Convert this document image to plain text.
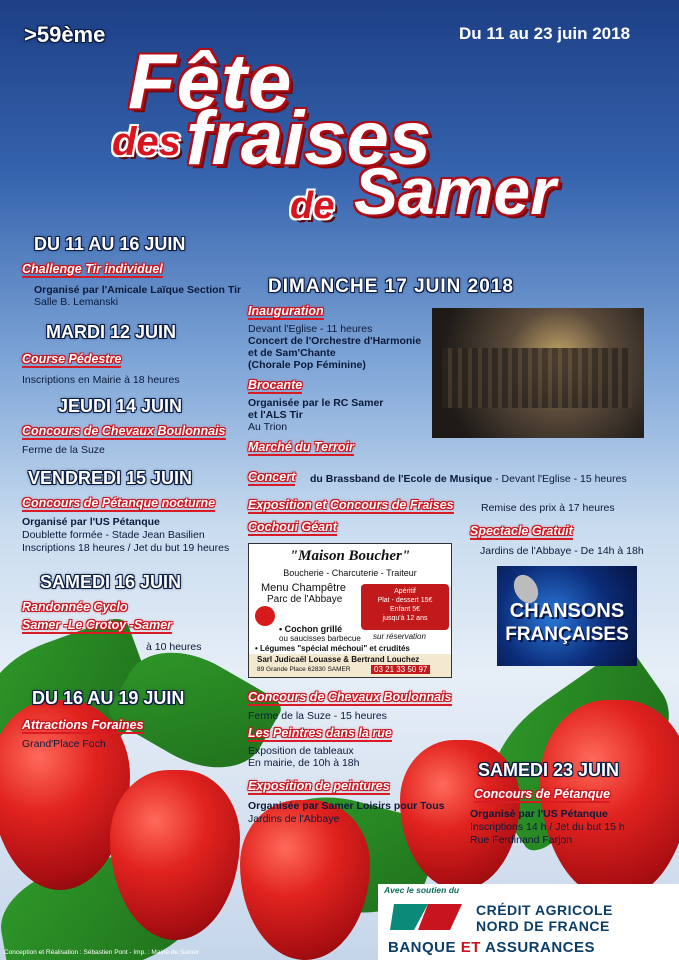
>59ème	Du 11 au 23 juin 2018
Fête
des fraises
de Samer
DU 11 AU 16 JUIN
Challenge Tir individuel
Organisé par l'Amicale Laïque Section Tir
Salle B. Lemanski
MARDI 12 JUIN
Course Pédestre
Inscriptions en Mairie à 18 heures
JEUDI 14 JUIN
Concours de Chevaux Boulonnais
Ferme de la Suze
VENDREDI 15 JUIN
Concours de Pétanque nocturne
Organisé par l'US Pétanque
Doublette formée - Stade Jean Basilien
Inscriptions 18 heures / Jet du but 19 heures
SAMEDI 16 JUIN
Randonnée Cyclo
Samer -Le Crotoy -Samer
à 10 heures
DU 16 AU 19 JUIN
Attractions Foraines
Grand'Place Foch
DIMANCHE 17 JUIN 2018
Inauguration
Devant l'Eglise - 11 heures
Concert de l'Orchestre d'Harmonie
et de Sam'Chante
(Chorale Pop Féminine)
Brocante
Organisée par le RC Samer
et l'ALS Tir
Au Trion
Marché du Terroir
Concert du Brassband de l'Ecole de Musique - Devant l'Eglise - 15 heures
Exposition et Concours de Fraises	Remise des prix à 17 heures
Cochoui Géant	Spectacle Gratuit
Jardins de l'Abbaye - De 14h à 18h
"Maison Boucher"
Boucherie - Charcuterie - Traiteur
Menu Champêtre
Parc de l'Abbaye
Apéritif
Plat - dessert 15€
Enfant 5€
jusqu'à 12 ans
• Cochon grillé
ou saucisses barbecue sur réservation
• Légumes "spécial méchoui" et crudités
Sarl Judicaël Louasse & Bertrand Louchez
89 Grande Place 62830 SAMER	03 21 33 50 97
CHANSONS
FRANÇAISES
Concours de Chevaux Boulonnais
Ferme de la Suze - 15 heures
Les Peintres dans la rue
Exposition de tableaux
En mairie, de 10h à 18h
Exposition de peintures
Organisée par Samer Loisirs pour Tous
Jardins de l'Abbaye
SAMEDI 23 JUIN
Concours de Pétanque
Organisé par l'US Pétanque
Inscriptions 14 h / Jet du but 15 h
Rue Ferdinand Farjon
Avec le soutien du
CRÉDIT AGRICOLE
NORD DE FRANCE
BANQUE ET ASSURANCES
Conception et Réalisation : Sébastien Pont - Imp. : Mairie de Samer
